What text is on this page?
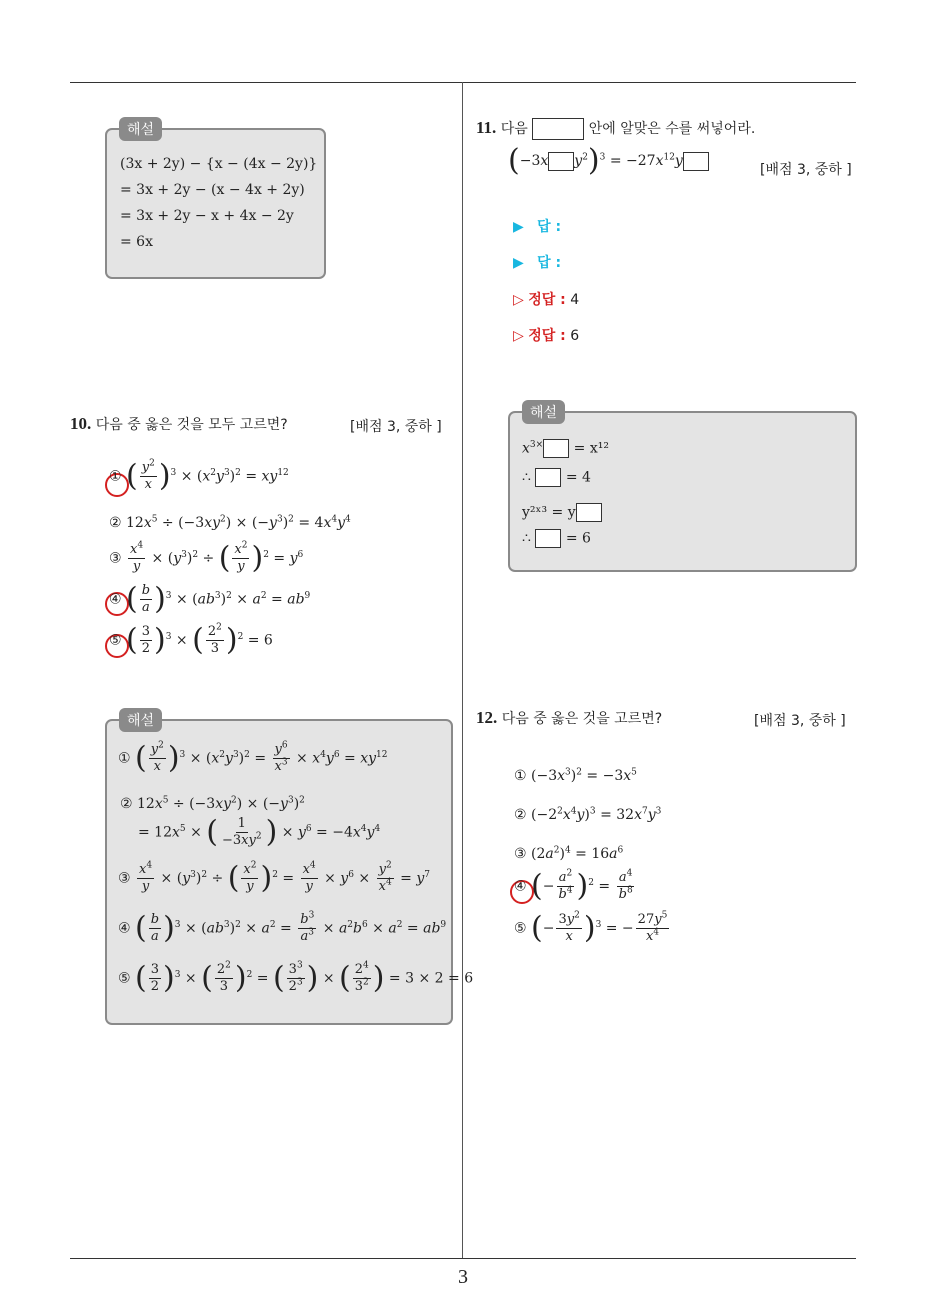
3
해설
(3x + 2y) − {x − (4x − 2y)}
= 3x + 2y − (x − 4x + 2y)
= 3x + 2y − x + 4x − 2y
= 6x
10. 다음 중 옳은 것을 모두 고르면?	[배점 3, 중하 ]
① ( $\frac{y^2}{x} )^3 \times (x^2y^3)^2 = xy^{12}$
② $12x^5 \div (-3xy^2) \times (-y^3)^2 = 4x^4y^4$
③ $\frac{x^4}{y} \times (y^3)^2$ ÷ ( $\frac{x^2}{y} )^2 = y^6$
④ ( $\frac{b}{a} )^3 \times (ab^3)^2 \times a^2 = ab^9$
⑤ ( $\frac{3}{2} )^3$ × ( $\frac{2^2}{3} )^2 = 6$
해설
① ( $\frac{y^2}{x} )^3 \times (x^2y^3)^2 = \frac{y^6}{x^3} \times x^4y^6 = xy^{12}$
② $12x^5 \div (-3xy^2) \times (-y^3)^2$
= $12x^5$ × ( $\frac{1}{-3xy^2}$ ) × $y^6 = -4x^4y^4$
③ $\frac{x^4}{y} \times (y^3)^2$ ÷ ( $\frac{x^2}{y} )^2 = \frac{x^4}{y} \times y^6 \times \frac{y^2}{x^4} = y^7$
④ ( $\frac{b}{a} )^3 \times (ab^3)^2 \times a^2 = \frac{b^3}{a^3} \times a^2b^6 \times a^2 = ab^9$
⑤ ( $\frac{3}{2} )^3$ × ( $\frac{2^2}{3} )^2$ = ( $\frac{3^3}{2^3}$ ) × ( $\frac{2^4}{3^2}$ ) = 3 × 2 = 6
11. 다음	안에 알맞은 수를 써넣어라.
(−3x $y^2)^3 = -27x^{12}y$
[배점 3, 중하 ]
▶ 답 :
▶ 답 :
▷ 정답 : 4
▷ 정답 : 6
해설
$x^{3\times} = x^{12}$
∴ = 4
y²ˣ³ = y
∴ = 6
12. 다음 중 옳은 것을 고르면?	[배점 3, 중하 ]
① $(-3x^3)^2 = -3x^5$
② $(-2^2x^4y)^3 = 32x^7y^3$
③ $(2a^2)^4 = 16a^6$
④ (− $\frac{a^2}{b^4} )^2 = \frac{a^4}{b^8}$
⑤ (− $\frac{3y^2}{x} )^3$ = − $\frac{27y^5}{x^4}$
